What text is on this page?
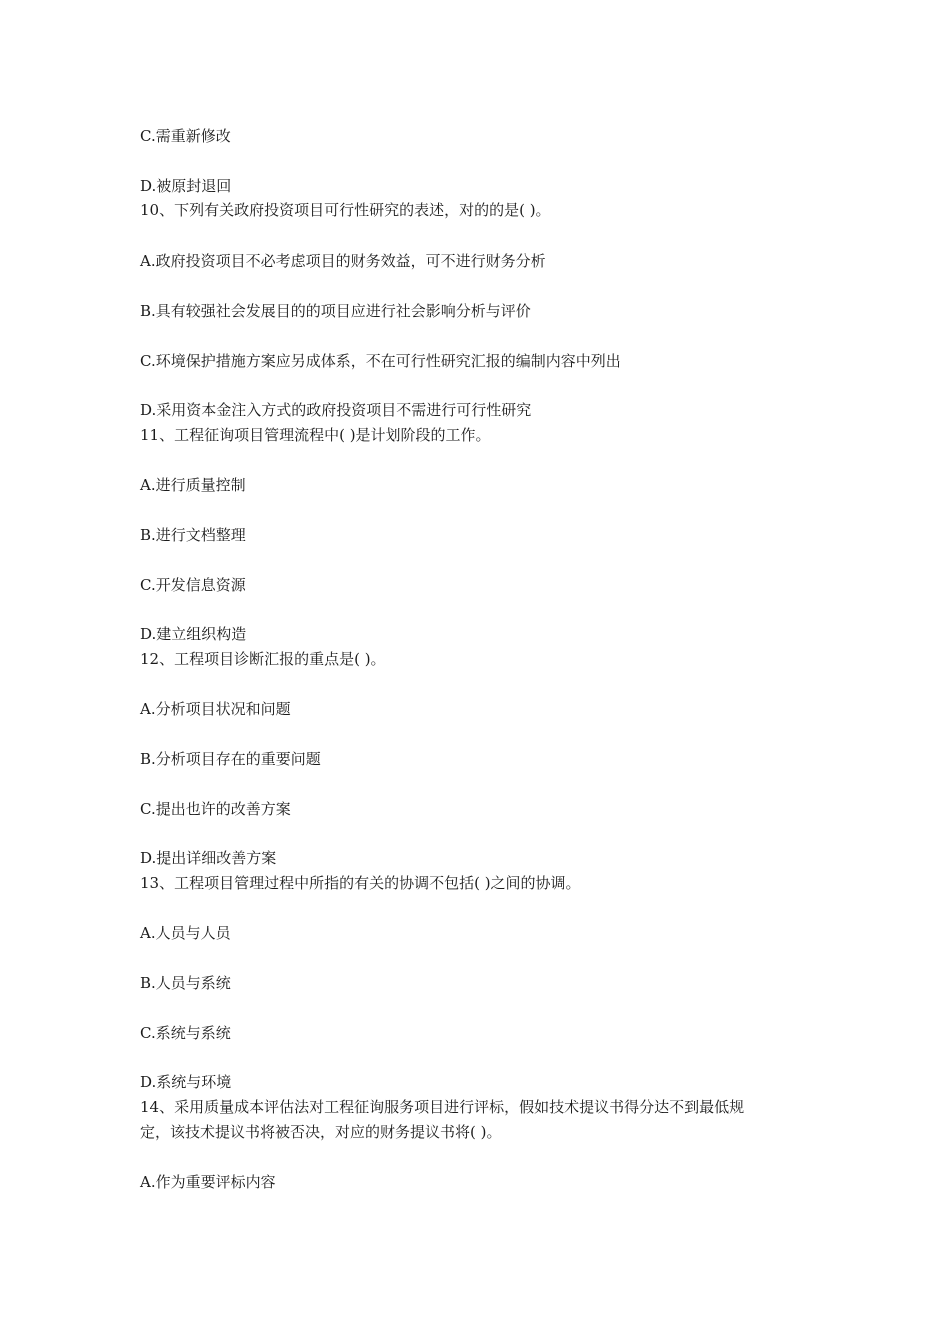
C.需重新修改
D.被原封退回
10、下列有关政府投资项目可行性研究的表述，对的的是( )。
A.政府投资项目不必考虑项目的财务效益，可不进行财务分析
B.具有较强社会发展目的的项目应进行社会影响分析与评价
C.环境保护措施方案应另成体系，不在可行性研究汇报的编制内容中列出
D.采用资本金注入方式的政府投资项目不需进行可行性研究
11、工程征询项目管理流程中( )是计划阶段的工作。
A.进行质量控制
B.进行文档整理
C.开发信息资源
D.建立组织构造
12、工程项目诊断汇报的重点是( )。
A.分析项目状况和问题
B.分析项目存在的重要问题
C.提出也许的改善方案
D.提出详细改善方案
13、工程项目管理过程中所指的有关的协调不包括( )之间的协调。
A.人员与人员
B.人员与系统
C.系统与系统
D.系统与环境
14、采用质量成本评估法对工程征询服务项目进行评标，假如技术提议书得分达不到最低规
定，该技术提议书将被否决，对应的财务提议书将( )。
A.作为重要评标内容
